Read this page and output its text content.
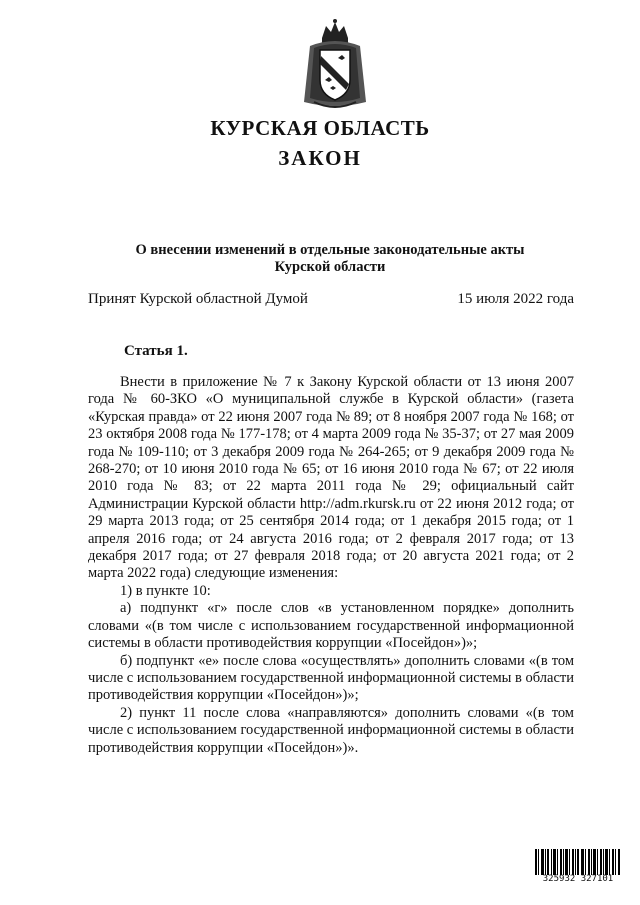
КУРСКАЯ ОБЛАСТЬ
ЗАКОН
О внесении изменений в отдельные законодательные акты
Курской области
Принят Курской областной Думой	15 июля 2022 года
Статья 1.

Внести в приложение № 7 к Закону Курской области от 13 июня 2007 года № 60-ЗКО «О муниципальной службе в Курской области» (газета «Курская правда» от 22 июня 2007 года № 89; от 8 ноября 2007 года № 168; от 23 октября 2008 года № 177-178; от 4 марта 2009 года № 35-37; от 27 мая 2009 года № 109-110; от 3 декабря 2009 года № 264-265; от 9 декабря 2009 года № 268-270; от 10 июня 2010 года № 65; от 16 июня 2010 года № 67; от 22 июля 2010 года № 83; от 22 марта 2011 года № 29; официальный сайт Администрации Курской области http://adm.rkursk.ru от 22 июня 2012 года; от 29 марта 2013 года; от 25 сентября 2014 года; от 1 декабря 2015 года; от 1 апреля 2016 года; от 24 августа 2016 года; от 2 февраля 2017 года; от 13 декабря 2017 года; от 27 февраля 2018 года; от 20 августа 2021 года; от 2 марта 2022 года) следующие изменения:

1) в пункте 10:

а) подпункт «г» после слов «в установленном порядке» дополнить словами «(в том числе с использованием государственной информационной системы в области противодействия коррупции «Посейдон»)»;

б) подпункт «е» после слова «осуществлять» дополнить словами «(в том числе с использованием государственной информационной системы в области противодействия коррупции «Посейдон»)»;

2) пункт 11 после слова «направляются» дополнить словами «(в том числе с использованием государственной информационной системы в области противодействия коррупции «Посейдон»)».

325932 327101
